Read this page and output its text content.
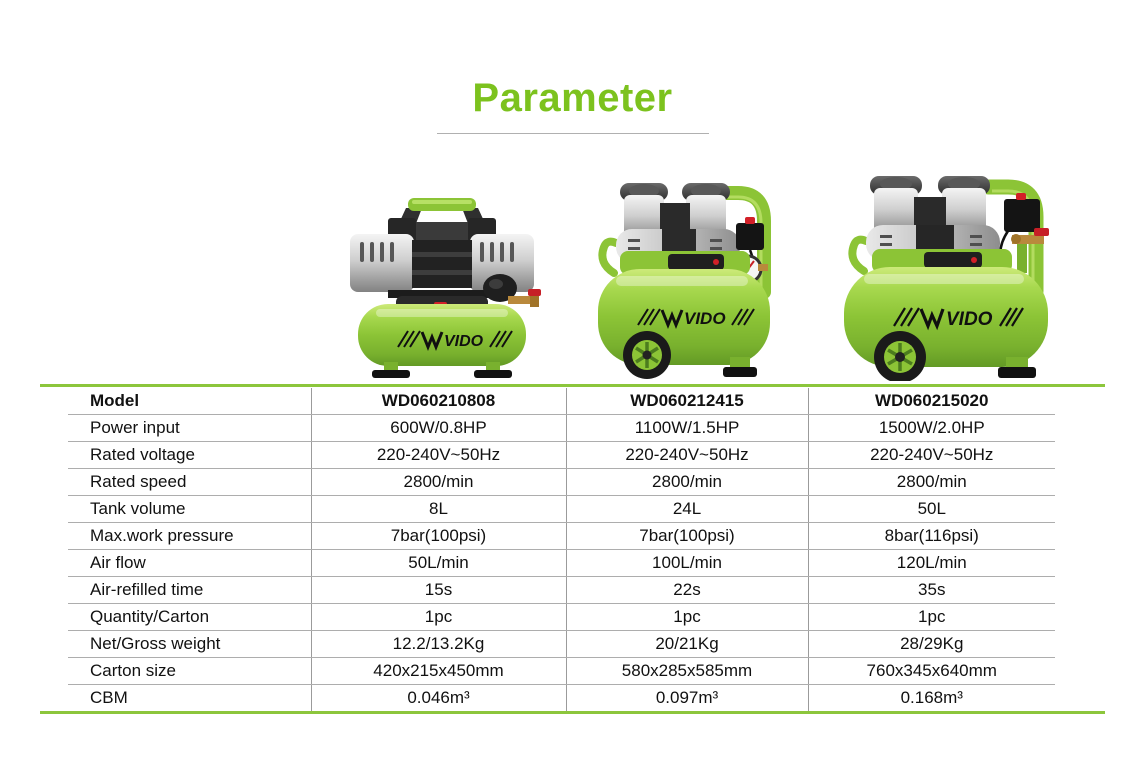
Parameter
VIDO
VIDO	VIDO
Model	WD060210808	WD060212415	WD060215020
Power input	600W/0.8HP	1100W/1.5HP	1500W/2.0HP
Rated voltage	220-240V~50Hz	220-240V~50Hz	220-240V~50Hz
Rated speed	2800/min	2800/min	2800/min
Tank volume	8L	24L	50L
Max.work pressure	7bar(100psi)	7bar(100psi)	8bar(116psi)
Air flow	50L/min	100L/min	120L/min
Air-refilled time	15s	22s	35s
Quantity/Carton	1pc	1pc	1pc
Net/Gross weight	12.2/13.2Kg	20/21Kg	28/29Kg
Carton size	420x215x450mm	580x285x585mm	760x345x640mm
CBM	0.046m³	0.097m³	0.168m³
